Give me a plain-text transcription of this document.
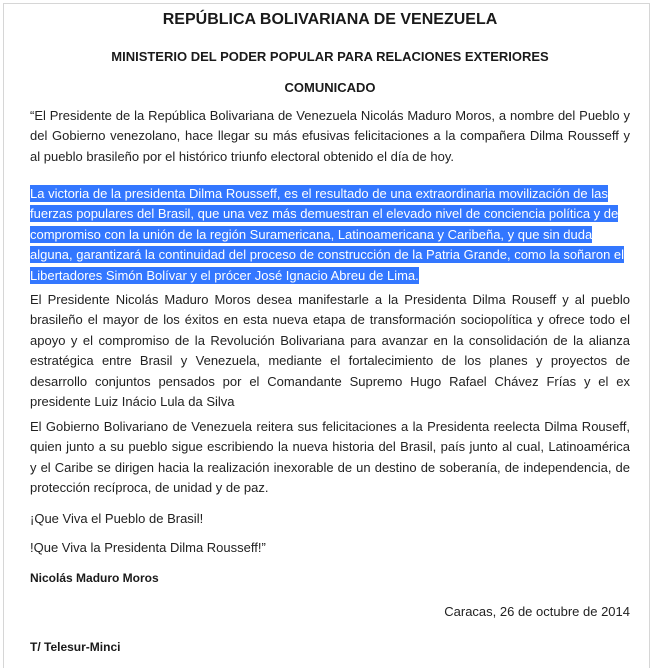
REPÚBLICA BOLIVARIANA DE VENEZUELA
MINISTERIO DEL PODER POPULAR PARA RELACIONES EXTERIORES
COMUNICADO
“El Presidente de la República Bolivariana de Venezuela Nicolás Maduro Moros, a nombre del Pueblo y
del Gobierno venezolano, hace llegar su más efusivas felicitaciones a la compañera Dilma Rousseff y
al pueblo brasileño por el histórico triunfo electoral obtenido el día de hoy.
La victoria de la presidenta Dilma Rousseff, es el resultado de una extraordinaria movilización de las
fuerzas populares del Brasil, que una vez más demuestran el elevado nivel de conciencia política y de
compromiso con la unión de la región Suramericana, Latinoamericana y Caribeña, y que sin duda
alguna, garantizará la continuidad del proceso de construcción de la Patria Grande, como la soñaron el
Libertadores Simón Bolívar y el prócer José Ignacio Abreu de Lima.
El Presidente Nicolás Maduro Moros desea manifestarle a la Presidenta Dilma Rouseff y al pueblo
brasileño el mayor de los éxitos en esta nueva etapa de transformación sociopolítica y ofrece todo el
apoyo y el compromiso de la Revolución Bolivariana para avanzar en la consolidación de la alianza
estratégica entre Brasil y Venezuela, mediante el fortalecimiento de los planes y proyectos de
desarrollo conjuntos pensados por el Comandante Supremo Hugo Rafael Chávez Frías y el ex
presidente Luiz Inácio Lula da Silva
El Gobierno Bolivariano de Venezuela reitera sus felicitaciones a la Presidenta reelecta Dilma Rouseff,
quien junto a su pueblo sigue escribiendo la nueva historia del Brasil, país junto al cual, Latinoamérica
y el Caribe se dirigen hacia la realización inexorable de un destino de soberanía, de independencia, de
protección recíproca, de unidad y de paz.
¡Que Viva el Pueblo de Brasil!
!Que Viva la Presidenta Dilma Rousseff!”
Nicolás Maduro Moros
Caracas, 26 de octubre de 2014
T/ Telesur-Minci
